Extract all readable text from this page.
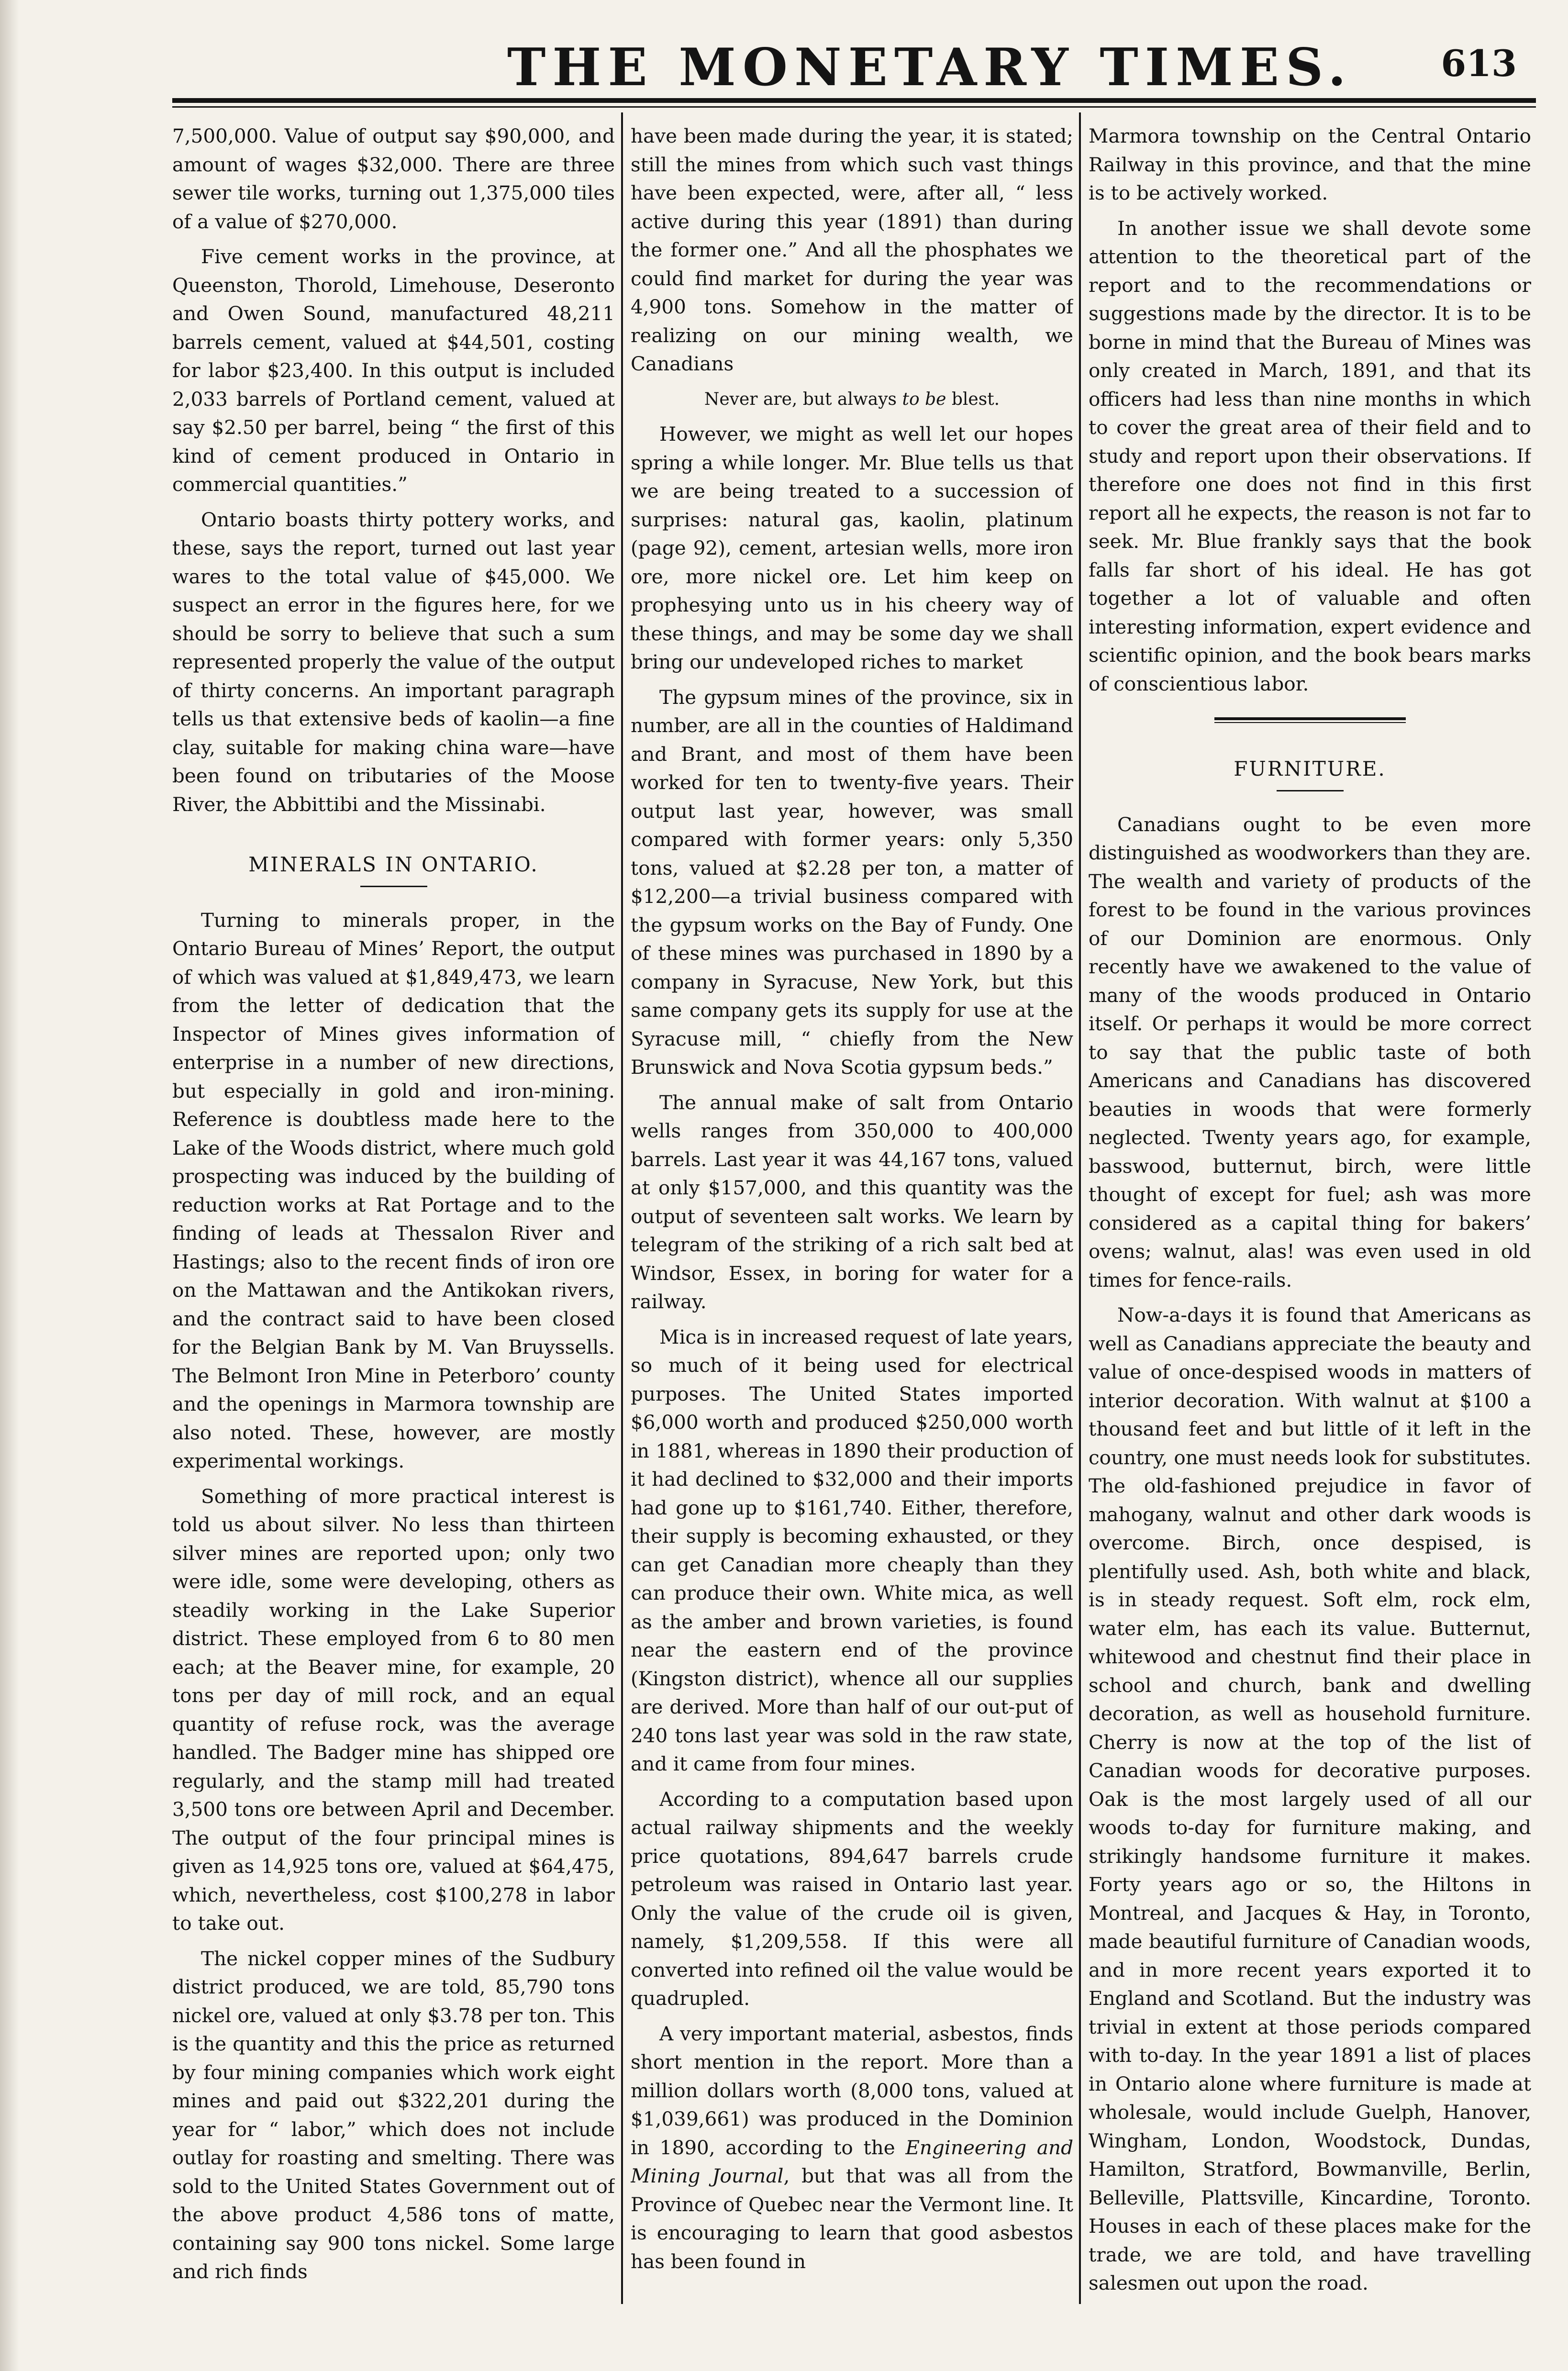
THE MONETARY TIMES. 613

7,500,000. Value of output say $90,000, and amount of wages $32,000. There are three sewer tile works, turning out 1,375,000 tiles of a value of $270,000.

Five cement works in the province, at Queenston, Thorold, Limehouse, Deseronto and Owen Sound, manufactured 48,211 barrels cement, valued at $44,501, costing for labor $23,400. In this output is included 2,033 barrels of Portland cement, valued at say $2.50 per barrel, being “ the first of this kind of cement produced in Ontario in commercial quantities.”

Ontario boasts thirty pottery works, and these, says the report, turned out last year wares to the total value of $45,000. We suspect an error in the figures here, for we should be sorry to believe that such a sum represented properly the value of the output of thirty concerns. An important paragraph tells us that extensive beds of kaolin—a fine clay, suitable for making china ware—have been found on tributaries of the Moose River, the Abbittibi and the Missinabi.

MINERALS IN ONTARIO.

Turning to minerals proper, in the Ontario Bureau of Mines’ Report, the output of which was valued at $1,849,473, we learn from the letter of dedication that the Inspector of Mines gives information of enterprise in a number of new directions, but especially in gold and iron-mining. Reference is doubtless made here to the Lake of the Woods district, where much gold prospecting was induced by the building of reduction works at Rat Portage and to the finding of leads at Thessalon River and Hastings; also to the recent finds of iron ore on the Mattawan and the Antikokan rivers, and the contract said to have been closed for the Belgian Bank by M. Van Bruyssells. The Belmont Iron Mine in Peterboro’ county and the openings in Marmora township are also noted. These, however, are mostly experimental workings.

Something of more practical interest is told us about silver. No less than thirteen silver mines are reported upon; only two were idle, some were developing, others as steadily working in the Lake Superior district. These employed from 6 to 80 men each; at the Beaver mine, for example, 20 tons per day of mill rock, and an equal quantity of refuse rock, was the average handled. The Badger mine has shipped ore regularly, and the stamp mill had treated 3,500 tons ore between April and December. The output of the four principal mines is given as 14,925 tons ore, valued at $64,475, which, nevertheless, cost $100,278 in labor to take out.

The nickel copper mines of the Sudbury district produced, we are told, 85,790 tons nickel ore, valued at only $3.78 per ton. This is the quantity and this the price as returned by four mining companies which work eight mines and paid out $322,201 during the year for “ labor,” which does not include outlay for roasting and smelting. There was sold to the United States Government out of the above product 4,586 tons of matte, containing say 900 tons nickel. Some large and rich finds

have been made during the year, it is stated; still the mines from which such vast things have been expected, were, after all, “ less active during this year (1891) than during the former one.” And all the phosphates we could find market for during the year was 4,900 tons. Somehow in the matter of realizing on our mining wealth, we Canadians

Never are, but always to be blest.

However, we might as well let our hopes spring a while longer. Mr. Blue tells us that we are being treated to a succession of surprises: natural gas, kaolin, platinum (page 92), cement, artesian wells, more iron ore, more nickel ore. Let him keep on prophesying unto us in his cheery way of these things, and may be some day we shall bring our undeveloped riches to market

The gypsum mines of the province, six in number, are all in the counties of Haldimand and Brant, and most of them have been worked for ten to twenty-five years. Their output last year, however, was small compared with former years: only 5,350 tons, valued at $2.28 per ton, a matter of $12,200—a trivial business compared with the gypsum works on the Bay of Fundy. One of these mines was purchased in 1890 by a company in Syracuse, New York, but this same company gets its supply for use at the Syracuse mill, “ chiefly from the New Brunswick and Nova Scotia gypsum beds.”

The annual make of salt from Ontario wells ranges from 350,000 to 400,000 barrels. Last year it was 44,167 tons, valued at only $157,000, and this quantity was the output of seventeen salt works. We learn by telegram of the striking of a rich salt bed at Windsor, Essex, in boring for water for a railway.

Mica is in increased request of late years, so much of it being used for electrical purposes. The United States imported $6,000 worth and produced $250,000 worth in 1881, whereas in 1890 their production of it had declined to $32,000 and their imports had gone up to $161,740. Either, therefore, their supply is becoming exhausted, or they can get Canadian more cheaply than they can produce their own. White mica, as well as the amber and brown varieties, is found near the eastern end of the province (Kingston district), whence all our supplies are derived. More than half of our out-put of 240 tons last year was sold in the raw state, and it came from four mines.

According to a computation based upon actual railway shipments and the weekly price quotations, 894,647 barrels crude petroleum was raised in Ontario last year. Only the value of the crude oil is given, namely, $1,209,558. If this were all converted into refined oil the value would be quadrupled.

A very important material, asbestos, finds short mention in the report. More than a million dollars worth (8,000 tons, valued at $1,039,661) was produced in the Dominion in 1890, according to the Engineering and Mining Journal, but that was all from the Province of Quebec near the Vermont line. It is encouraging to learn that good asbestos has been found in

Marmora township on the Central Ontario Railway in this province, and that the mine is to be actively worked.

In another issue we shall devote some attention to the theoretical part of the report and to the recommendations or suggestions made by the director. It is to be borne in mind that the Bureau of Mines was only created in March, 1891, and that its officers had less than nine months in which to cover the great area of their field and to study and report upon their observations. If therefore one does not find in this first report all he expects, the reason is not far to seek. Mr. Blue frankly says that the book falls far short of his ideal. He has got together a lot of valuable and often interesting information, expert evidence and scientific opinion, and the book bears marks of conscientious labor.

FURNITURE.

Canadians ought to be even more distinguished as woodworkers than they are. The wealth and variety of products of the forest to be found in the various provinces of our Dominion are enormous. Only recently have we awakened to the value of many of the woods produced in Ontario itself. Or perhaps it would be more correct to say that the public taste of both Americans and Canadians has discovered beauties in woods that were formerly neglected. Twenty years ago, for example, basswood, butternut, birch, were little thought of except for fuel; ash was more considered as a capital thing for bakers’ ovens; walnut, alas! was even used in old times for fence-rails.

Now-a-days it is found that Americans as well as Canadians appreciate the beauty and value of once-despised woods in matters of interior decoration. With walnut at $100 a thousand feet and but little of it left in the country, one must needs look for substitutes. The old-fashioned prejudice in favor of mahogany, walnut and other dark woods is overcome. Birch, once despised, is plentifully used. Ash, both white and black, is in steady request. Soft elm, rock elm, water elm, has each its value. Butternut, whitewood and chestnut find their place in school and church, bank and dwelling decoration, as well as household furniture. Cherry is now at the top of the list of Canadian woods for decorative purposes. Oak is the most largely used of all our woods to-day for furniture making, and strikingly handsome furniture it makes. Forty years ago or so, the Hiltons in Montreal, and Jacques & Hay, in Toronto, made beautiful furniture of Canadian woods, and in more recent years exported it to England and Scotland. But the industry was trivial in extent at those periods compared with to-day. In the year 1891 a list of places in Ontario alone where furniture is made at wholesale, would include Guelph, Hanover, Wingham, London, Woodstock, Dundas, Hamilton, Stratford, Bowmanville, Berlin, Belleville, Plattsville, Kincardine, Toronto. Houses in each of these places make for the trade, we are told, and have travelling salesmen out upon the road.
